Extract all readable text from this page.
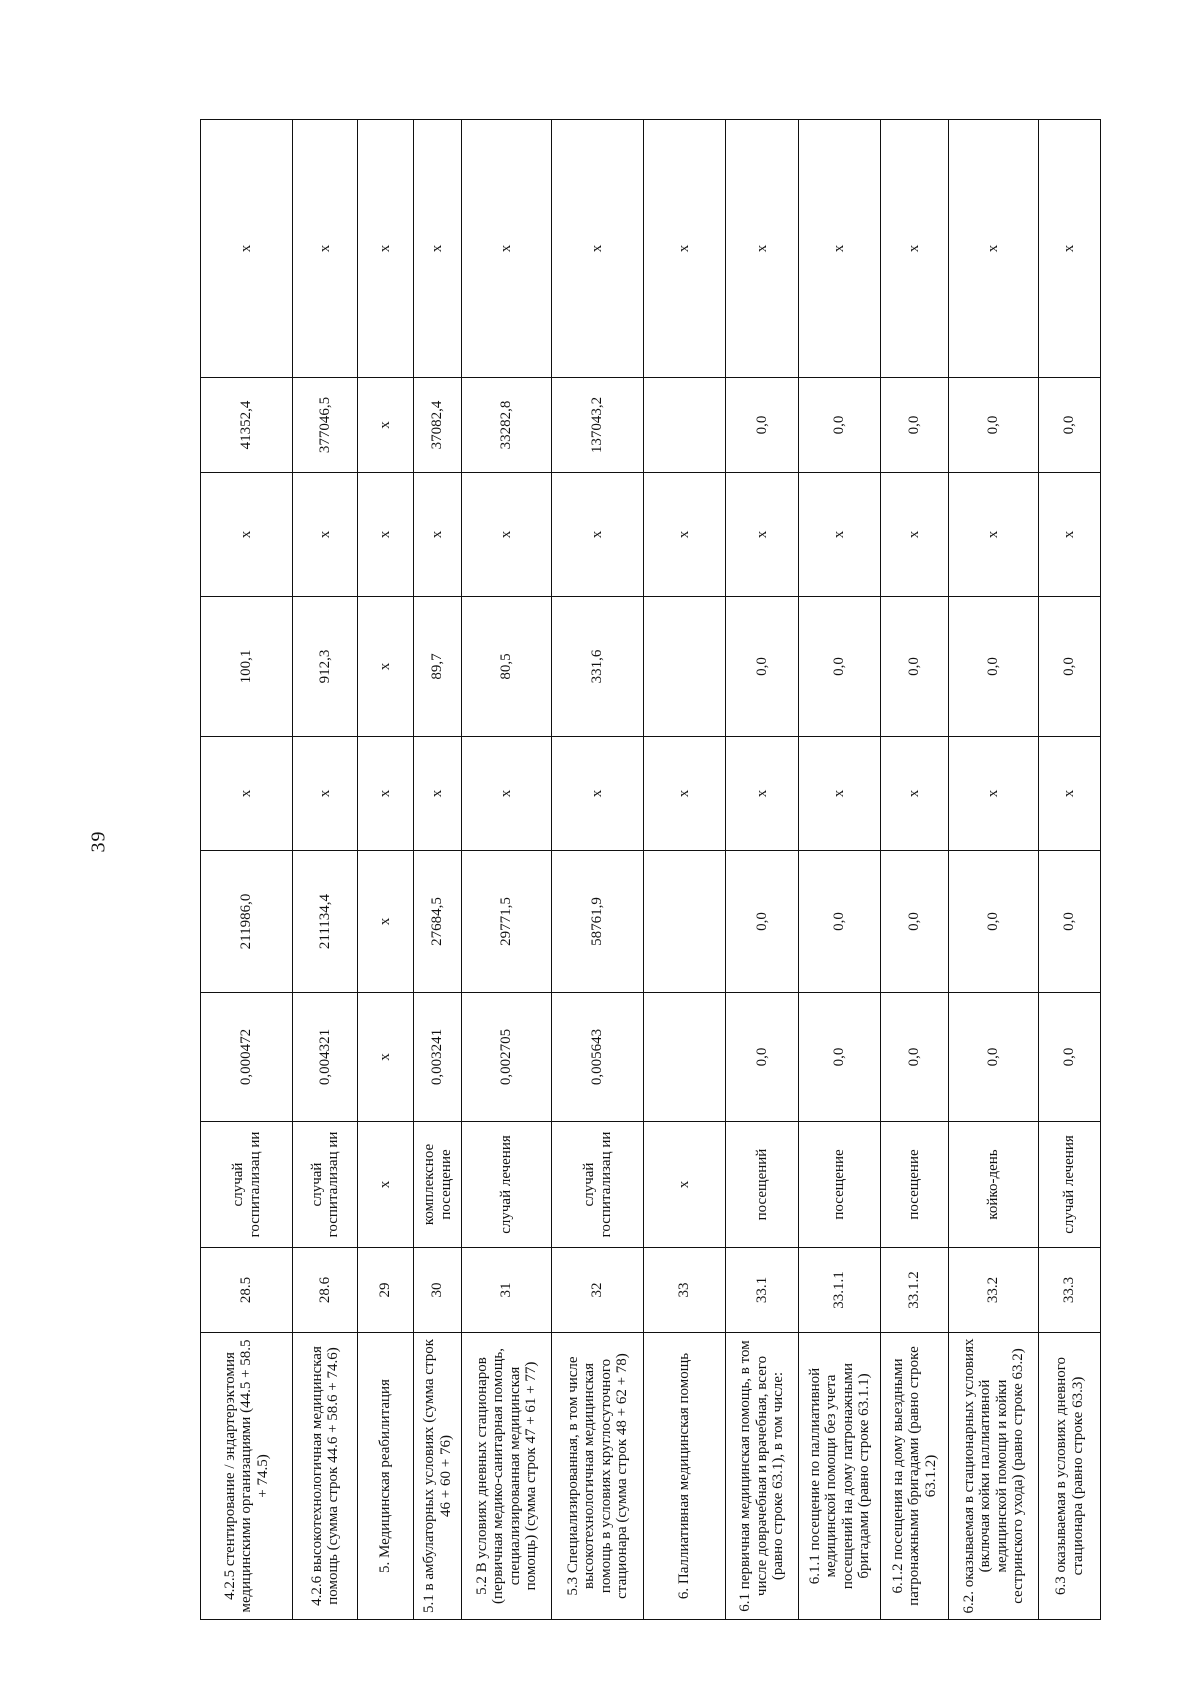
39
4.2.5 стентирование / эндартерэктомия медицинскими организациями (44.5 + 58.5 + 74.5)	28.5	случай госпитализац ии	0,000472	211986,0	x	100,1	x	41352,4	x
4.2.6 высокотехнологичная медицинская помощь (сумма строк 44.6 + 58.6 + 74.6)	28.6	случай госпитализац ии	0,004321	211134,4	x	912,3	x	377046,5	x
5. Медицинская реабилитация	29	x	x	x	x	x	x	x	x
5.1 в амбулаторных условиях (сумма строк 46 + 60 + 76)	30	комплексное посещение	0,003241	27684,5	x	89,7	x	37082,4	x
5.2 В условиях дневных стационаров (первичная медико-санитарная помощь, специализированная медицинская помощь) (сумма строк 47 + 61 + 77)	31	случай лечения	0,002705	29771,5	x	80,5	x	33282,8	x
5.3 Специализированная, в том числе высокотехнологичная медицинская помощь в условиях круглосуточного стационара (сумма строк 48 + 62 + 78)	32	случай госпитализац ии	0,005643	58761,9	x	331,6	x	137043,2	x
6. Паллиативная медицинская помощь	33	x			x		x		x
6.1 первичная медицинская помощь, в том числе доврачебная и врачебная, всего (равно строке 63.1), в том числе:	33.1	посещений	0,0	0,0	x	0,0	x	0,0	x
6.1.1 посещение по паллиативной медицинской помощи без учета посещений на дому патронажными бригадами (равно строке 63.1.1)	33.1.1	посещение	0,0	0,0	x	0,0	x	0,0	x
6.1.2 посещения на дому выездными патронажными бригадами (равно строке 63.1.2)	33.1.2	посещение	0,0	0,0	x	0,0	x	0,0	x
6.2. оказываемая в стационарных условиях (включая койки паллиативной медицинской помощи и койки сестринского ухода) (равно строке 63.2)	33.2	койко-день	0,0	0,0	x	0,0	x	0,0	x
6.3 оказываемая в условиях дневного стационара (равно строке 63.3)	33.3	случай лечения	0,0	0,0	x	0,0	x	0,0	x
